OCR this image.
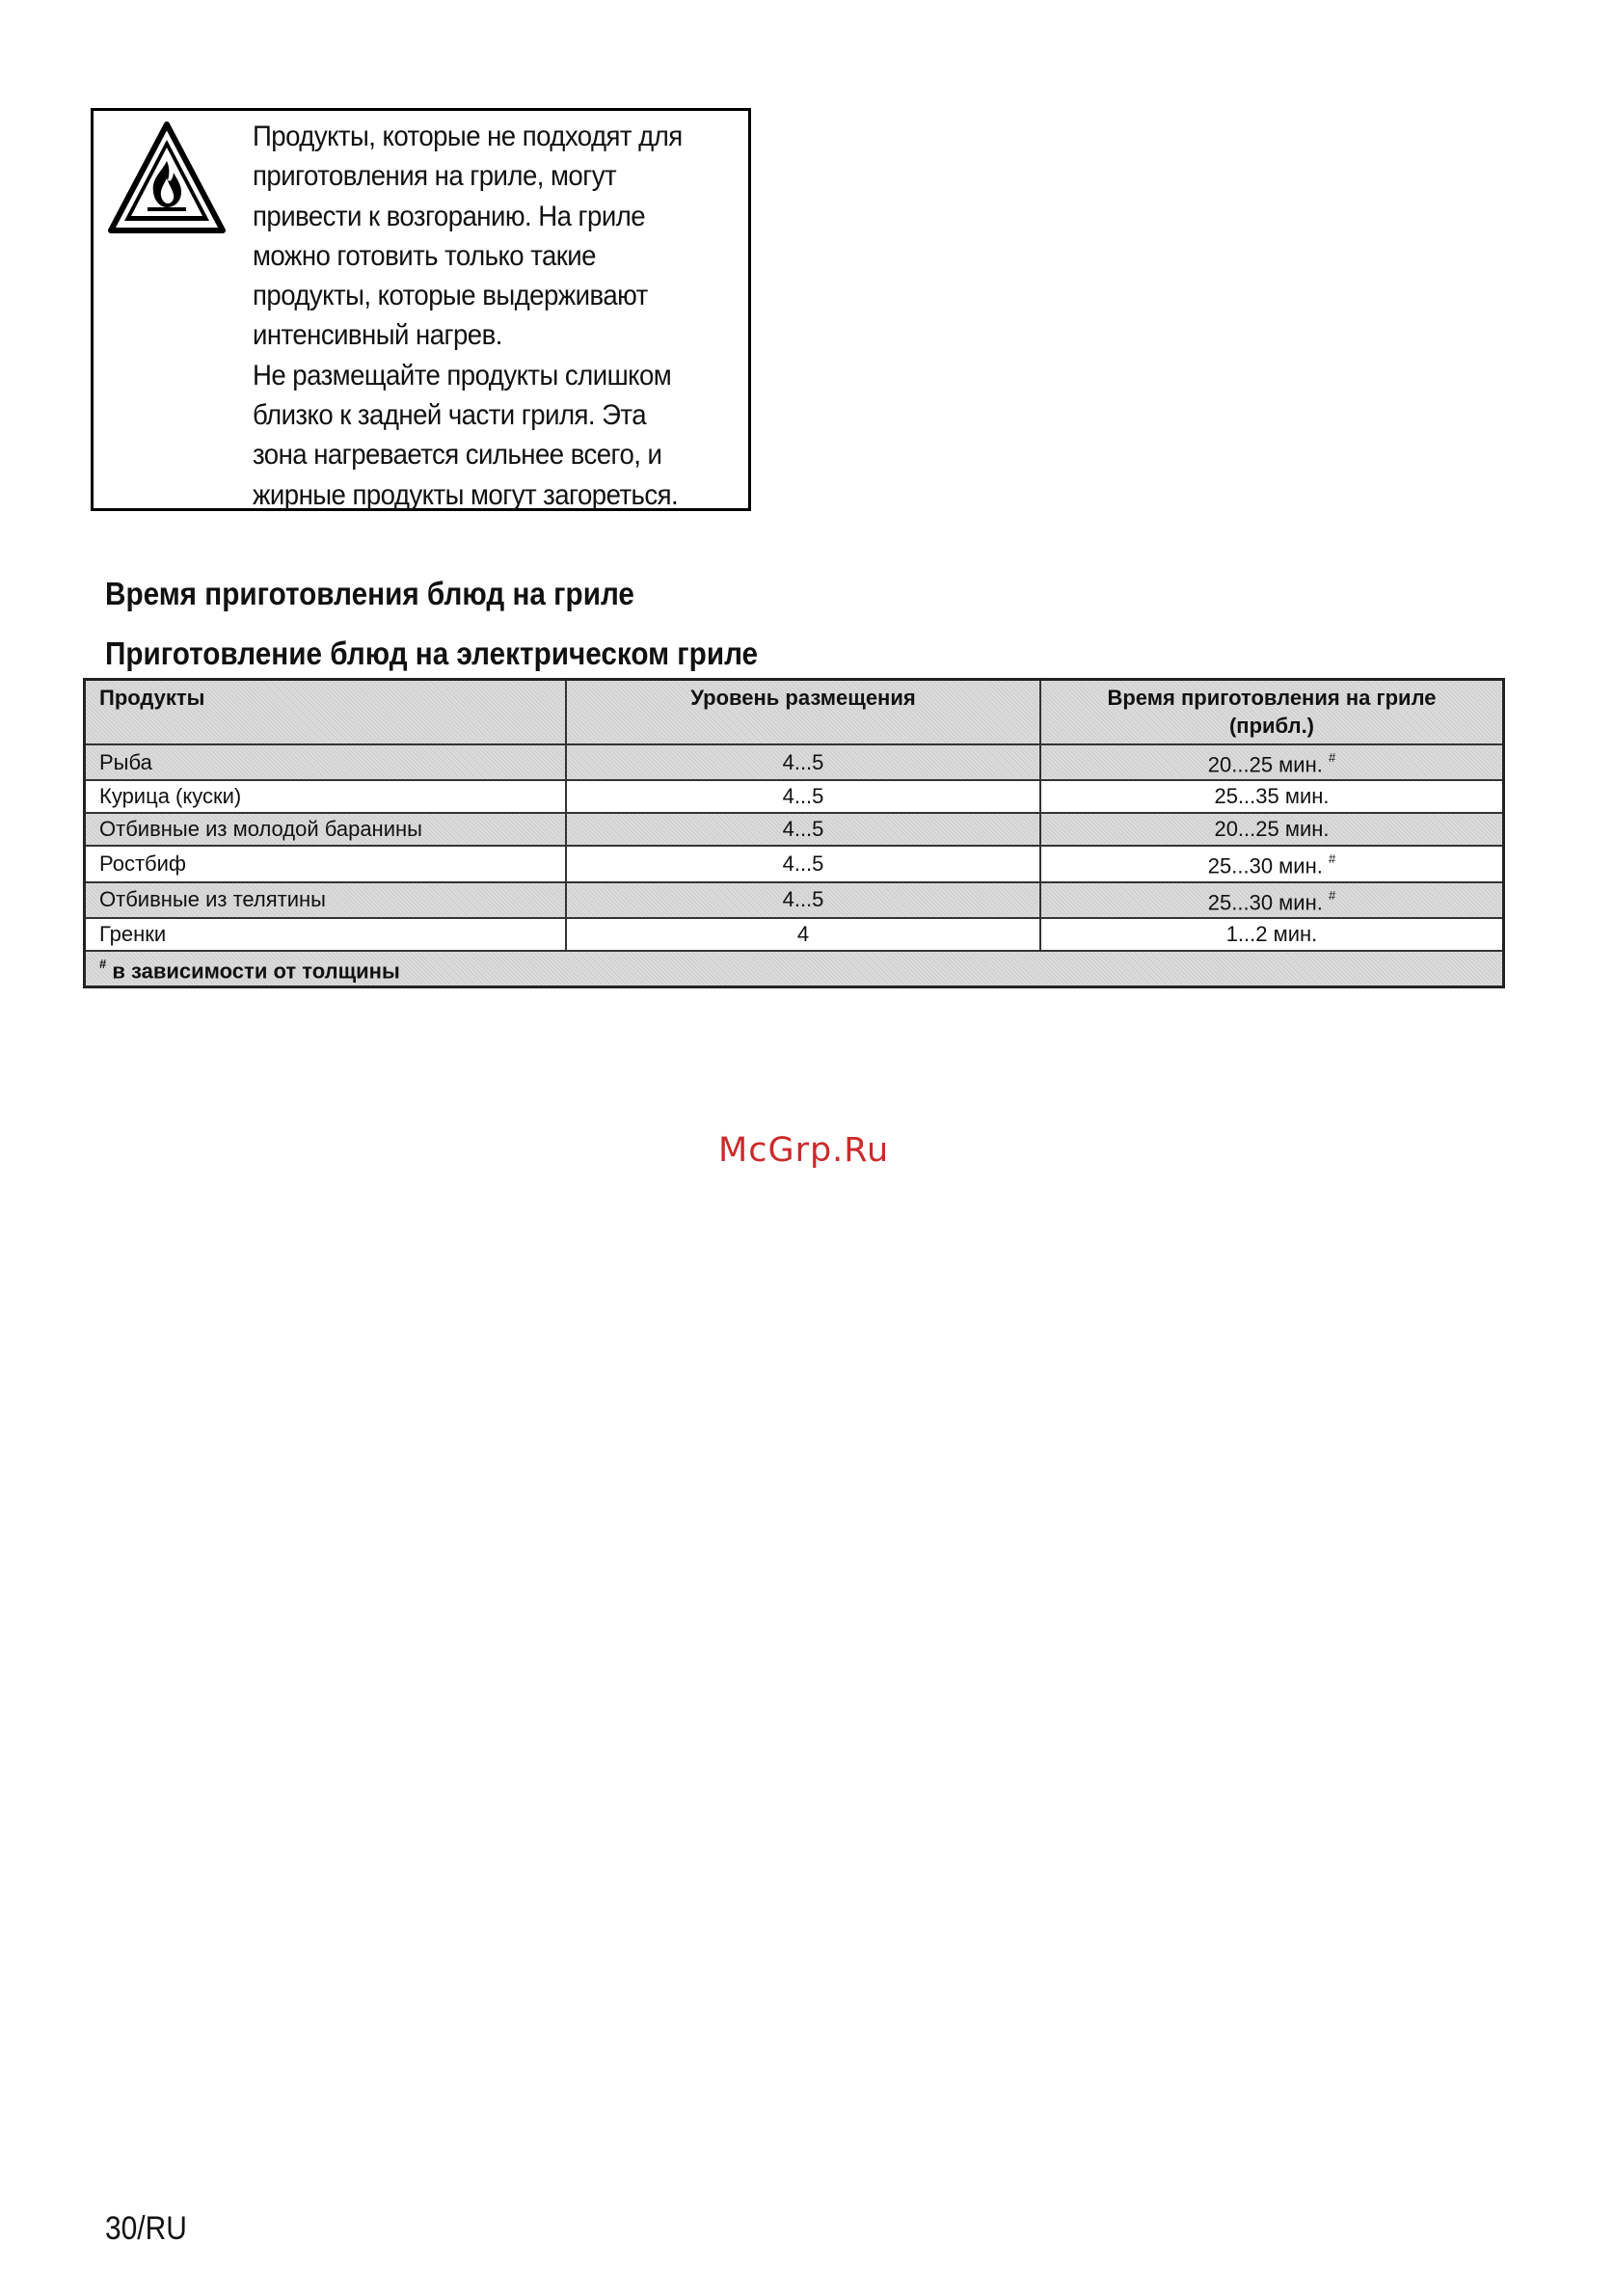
Продукты, которые не подходят для

приготовления на гриле, могут

привести к возгоранию. На гриле

можно готовить только такие

продукты, которые выдерживают

интенсивный нагрев.

Не размещайте продукты слишком

близко к задней части гриля. Эта

зона нагревается сильнее всего, и

жирные продукты могут загореться.

Время приготовления блюд на гриле
Приготовление блюд на электрическом гриле
Продукты	Уровень размещения	Время приготовления на гриле
(прибл.)
Рыба	4...5	20...25 мин. #
Курица (куски)	4...5	25...35 мин.
Отбивные из молодой баранины	4...5	20...25 мин.
Ростбиф	4...5	25...30 мин. #
Отбивные из телятины	4...5	25...30 мин. #
Гренки	4	1...2 мин.
# в зависимости от толщины		
McGrp.Ru
30/RU
